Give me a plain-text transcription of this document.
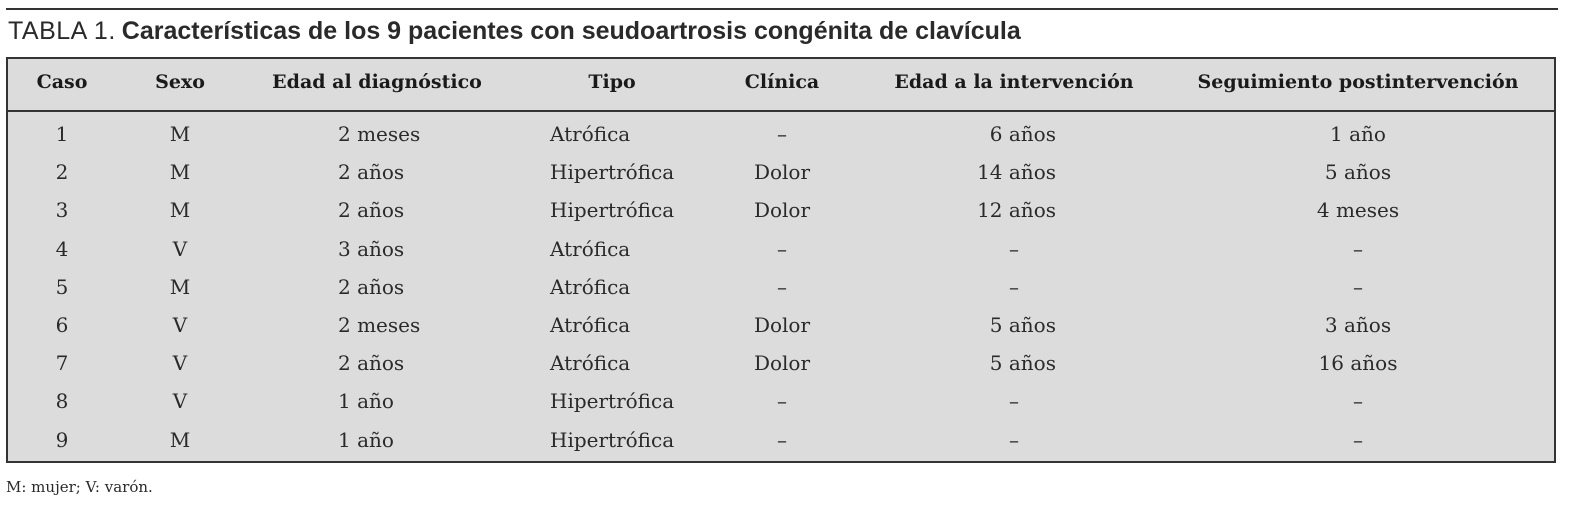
TABLA 1. Características de los 9 pacientes con seudoartrosis congénita de clavícula
Caso	Sexo	Edad al diagnóstico	Tipo	Clínica	Edad a la intervención	Seguimiento postintervención
1	M	2 meses	Atrófica	–	6 años	1 año
2	M	2 años	Hipertrófica	Dolor	14 años	5 años
3	M	2 años	Hipertrófica	Dolor	12 años	4 meses
4	V	3 años	Atrófica	–	–	–
5	M	2 años	Atrófica	–	–	–
6	V	2 meses	Atrófica	Dolor	5 años	3 años
7	V	2 años	Atrófica	Dolor	5 años	16 años
8	V	1 año	Hipertrófica	–	–	–
9	M	1 año	Hipertrófica	–	–	–
M: mujer; V: varón.
